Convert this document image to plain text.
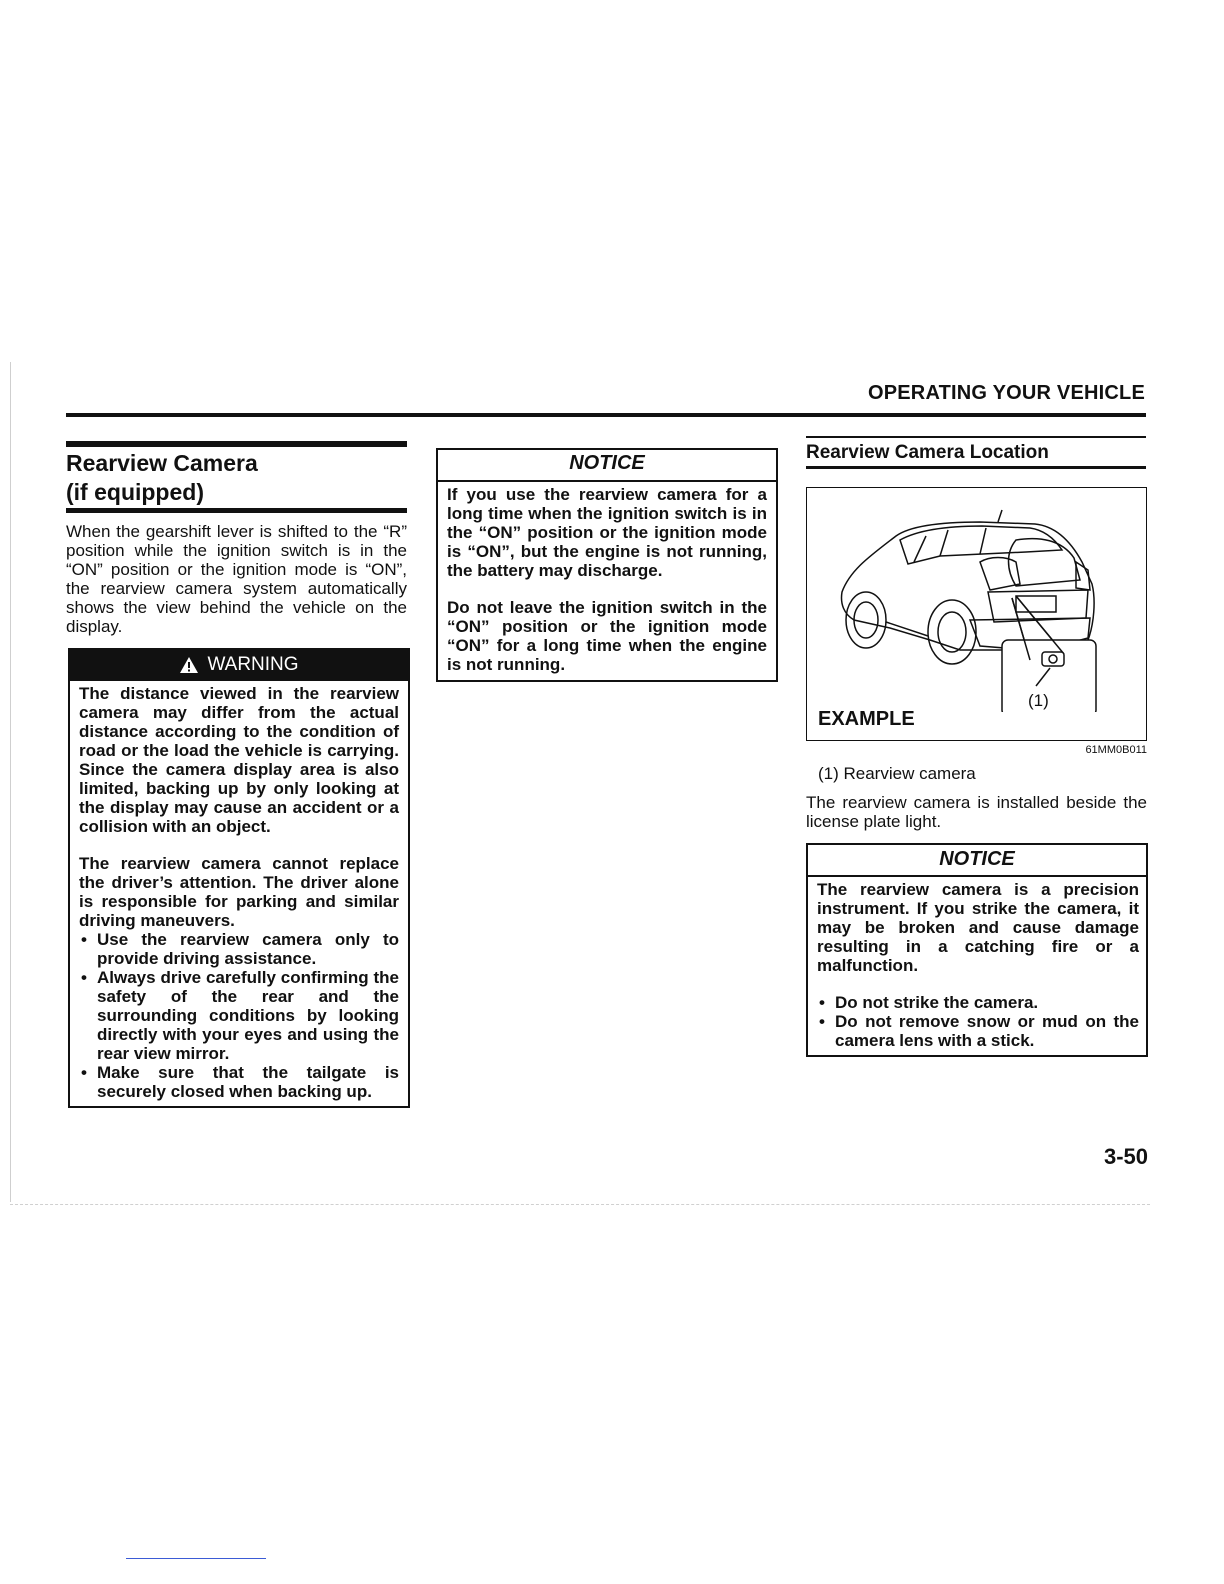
OPERATING YOUR VEHICLE
Rearview Camera
(if equipped)
When the gearshift lever is shifted to the “R” position while the ignition switch is in the “ON” position or the ignition mode is “ON”, the rearview camera system automatically shows the view behind the vehicle on the display.
WARNING

The distance viewed in the rearview camera may differ from the actual distance according to the condition of road or the load the vehicle is carrying. Since the camera display area is also limited, backing up by only looking at the display may cause an accident or a collision with an object.

The rearview camera cannot replace the driver’s attention. The driver alone is responsible for parking and similar driving maneuvers.

• Use the rearview camera only to provide driving assistance.
• Always drive carefully confirming the safety of the rear and the surrounding conditions by looking directly with your eyes and using the rear view mirror.
• Make sure that the tailgate is securely closed when backing up.
NOTICE

If you use the rearview camera for a long time when the ignition switch is in the “ON” position or the ignition mode is “ON”, but the engine is not running, the battery may discharge.

Do not leave the ignition switch in the “ON” position or the ignition mode “ON” for a long time when the engine is not running.

Rearview Camera Location
(1)
EXAMPLE
61MM0B011
(1) Rearview camera
The rearview camera is installed beside the license plate light.
NOTICE

The rearview camera is a precision instrument. If you strike the camera, it may be broken and cause damage resulting in a catching fire or a malfunction.

• Do not strike the camera.
• Do not remove snow or mud on the camera lens with a stick.
3-50
